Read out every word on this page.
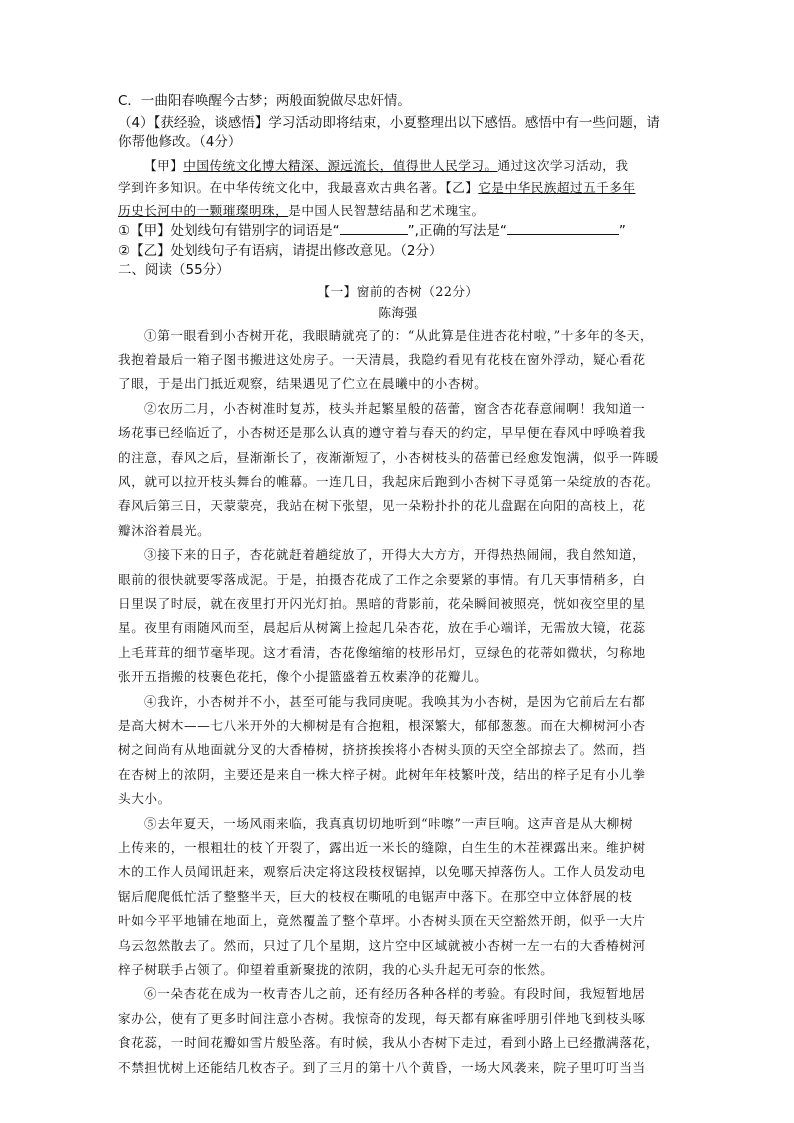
C．一曲阳春唤醒今古梦；两般面貌做尽忠奸情。
（4）【获经验，谈感悟】学习活动即将结束，小夏整理出以下感悟。感悟中有一些问题，请
你帮他修改。（4分）
【甲】中国传统文化博大精深、源远流长，值得世人民学习。通过这次学习活动，我
学到许多知识。在中华传统文化中，我最喜欢古典名著。【乙】它是中华民族超过五千多年
历史长河中的一颗璀璨明珠，是中国人民智慧结晶和艺术瑰宝。
①【甲】处划线句有错别字的词语是“	”,正确的写法是“	”
②【乙】处划线句子有语病，请提出修改意见。（2分）
二、阅读（55分）
【一】窗前的杏树（22分）
陈海强
①第一眼看到小杏树开花，我眼睛就亮了的：“从此算是住进杏花村啦，”十多年的冬天，
我抱着最后一箱子图书搬进这处房子。一天清晨，我隐约看见有花枝在窗外浮动，疑心看花
了眼，于是出门抵近观察，结果遇见了伫立在晨曦中的小杏树。
②农历二月，小杏树准时复苏，枝头并起繁星般的蓓蕾，窗含杏花春意闹啊！我知道一
场花事已经临近了，小杏树还是那么认真的遵守着与春天的约定，早早便在春风中呼唤着我
的注意，春风之后，昼渐渐长了，夜渐渐短了，小杏树枝头的蓓蕾已经愈发饱满，似乎一阵暖
风，就可以拉开枝头舞台的帷幕。一连几日，我起床后跑到小杏树下寻觅第一朵绽放的杏花。
春风后第三日，天蒙蒙亮，我站在树下张望，见一朵粉扑扑的花儿盘踞在向阳的高枝上，花
瓣沐浴着晨光。
③接下来的日子，杏花就赶着趟绽放了，开得大大方方，开得热热闹闹，我自然知道，
眼前的很快就要零落成泥。于是，拍摄杏花成了工作之余要紧的事情。有几天事情稍多，白
日里误了时辰，就在夜里打开闪光灯拍。黑暗的背影前，花朵瞬间被照亮，恍如夜空里的星
星。夜里有雨随风而至，晨起后从树篱上捡起几朵杏花，放在手心端详，无需放大镜，花蕊
上毛茸茸的细节毫毕现。这才看清，杏花像缩缩的枝形吊灯，豆绿色的花蒂如微状，匀称地
张开五指搬的枝裹色花托，像个小提篮盛着五枚素净的花瓣儿。
④我许，小杏树并不小，甚至可能与我同庚呢。我唤其为小杏树，是因为它前后左右都
是高大树木——七八米开外的大柳树是有合抱粗，根深繁大，郁郁葱葱。而在大柳树河小杏
树之间尚有从地面就分叉的大香椿树，挤挤挨挨将小杏树头顶的天空全部掠去了。然而，挡
在杏树上的浓阴，主要还是来自一株大梓子树。此树年年枝繁叶茂，结出的梓子足有小儿拳
头大小。
⑤去年夏天，一场风雨来临，我真真切切地听到“咔嚓”一声巨响。这声音是从大柳树
上传来的，一根粗壮的枝丫开裂了，露出近一米长的缝隙，白生生的木茬裸露出来。维护树
木的工作人员闻讯赶来，观察后决定将这段枝杈锯掉，以免哪天掉落伤人。工作人员发动电
锯后爬爬低忙活了整整半天，巨大的枝杈在嘶吼的电锯声中落下。在那空中立体舒展的枝
叶如今平平地铺在地面上，竟然覆盖了整个草坪。小杏树头顶在天空豁然开朗，似乎一大片
乌云忽然散去了。然而，只过了几个星期，这片空中区域就被小杏树一左一右的大香椿树河
梓子树联手占领了。仰望着重新聚拢的浓阴，我的心头升起无可奈的怅然。
⑥一朵杏花在成为一枚青杏儿之前，还有经历各种各样的考验。有段时间，我短暂地居
家办公，使有了更多时间注意小杏树。我惊奇的发现，每天都有麻雀呼朋引伴地飞到枝头啄
食花蕊，一时间花瓣如雪片般坠落。有时候，我从小杏树下走过，看到小路上已经撒满落花，
不禁担忧树上还能结几枚杏子。到了三月的第十八个黄昏，一场大风袭来，院子里叮叮当当
